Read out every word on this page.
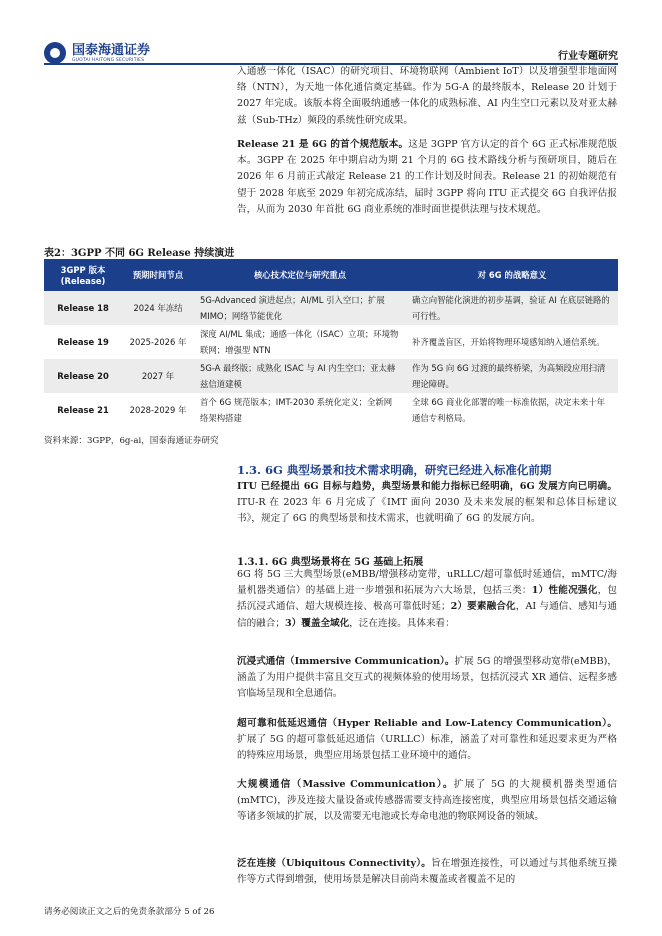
国泰海通证券
GUOTAI HAITONG SECURITIES	行业专题研究

入通感一体化（ISAC）的研究项目、环境物联网（Ambient IoT）以及增强型非地面网络（NTN），为天地一体化通信奠定基础。作为 5G-A 的最终版本，Release 20 计划于 2027 年完成。该版本将全面吸纳通感一体化的成熟标准、AI 内生空口元素以及对亚太赫兹（Sub-THz）频段的系统性研究成果。

Release 21 是 6G 的首个规范版本。这是 3GPP 官方认定的首个 6G 正式标准规范版本。3GPP 在 2025 年中期启动为期 21 个月的 6G 技术路线分析与预研项目，随后在 2026 年 6 月前正式敲定 Release 21 的工作计划及时间表。Release 21 的初始规范有望于 2028 年底至 2029 年初完成冻结，届时 3GPP 将向 ITU 正式提交 6G 自我评估报告，从而为 2030 年首批 6G 商业系统的准时面世提供法理与技术规范。

表2：3GPP 不同 6G Release 持续演进
3GPP 版本 (Release)	预期时间节点	核心技术定位与研究重点	对 6G 的战略意义
Release 18	2024 年冻结	5G-Advanced 演进起点；AI/ML 引入空口；扩展 MIMO；网络节能优化	确立向智能化演进的初步基调，验证 AI 在底层链路的可行性。
Release 19	2025-2026 年	深度 AI/ML 集成；通感一体化（ISAC）立项；环境物联网；增强型 NTN	补齐覆盖盲区，开始将物理环境感知纳入通信系统。
Release 20	2027 年	5G-A 最终版；成熟化 ISAC 与 AI 内生空口；亚太赫兹信道建模	作为 5G 向 6G 过渡的最终桥梁，为高频段应用扫清理论障碍。
Release 21	2028-2029 年	首个 6G 规范版本；IMT-2030 系统化定义；全新网络架构搭建	全球 6G 商业化部署的唯一标准依据，决定未来十年通信专利格局。
资料来源：3GPP，6g-ai，国泰海通证券研究
1.3. 6G 典型场景和技术需求明确，研究已经进入标准化前期

ITU 已经提出 6G 目标与趋势，典型场景和能力指标已经明确，6G 发展方向已明确。ITU-R 在 2023 年 6 月完成了《IMT 面向 2030 及未来发展的框架和总体目标建议书》，规定了 6G 的典型场景和技术需求，也就明确了 6G 的发展方向。

1.3.1. 6G 典型场景将在 5G 基础上拓展

6G 将 5G 三大典型场景(eMBB/增强移动宽带，uRLLC/超可靠低时延通信，mMTC/海量机器类通信）的基础上进一步增强和拓展为六大场景，包括三类：1）性能况强化，包括沉浸式通信、超大规模连接、极高可靠低时延；2）要素融合化，AI 与通信、感知与通信的融合；3）覆盖全域化，泛在连接。具体来看：

沉浸式通信（Immersive Communication）。扩展 5G 的增强型移动宽带(eMBB)，涵盖了为用户提供丰富且交互式的视频体验的使用场景，包括沉浸式 XR 通信、远程多感官临场呈现和全息通信。

超可靠和低延迟通信（Hyper Reliable and Low-Latency Communication）。扩展了 5G 的超可靠低延迟通信（URLLC）标准，涵盖了对可靠性和延迟要求更为严格的特殊应用场景，典型应用场景包括工业环境中的通信。

大规模通信（Massive Communication）。扩展了 5G 的大规模机器类型通信(mMTC)，涉及连接大量设备或传感器需要支持高连接密度，典型应用场景包括交通运输等诸多领域的扩展，以及需要无电池或长寿命电池的物联网设备的领域。

泛在连接（Ubiquitous Connectivity）。旨在增强连接性，可以通过与其他系统互操作等方式得到增强，使用场景是解决目前尚未覆盖或者覆盖不足的

请务必阅读正文之后的免责条款部分 5 of 26
